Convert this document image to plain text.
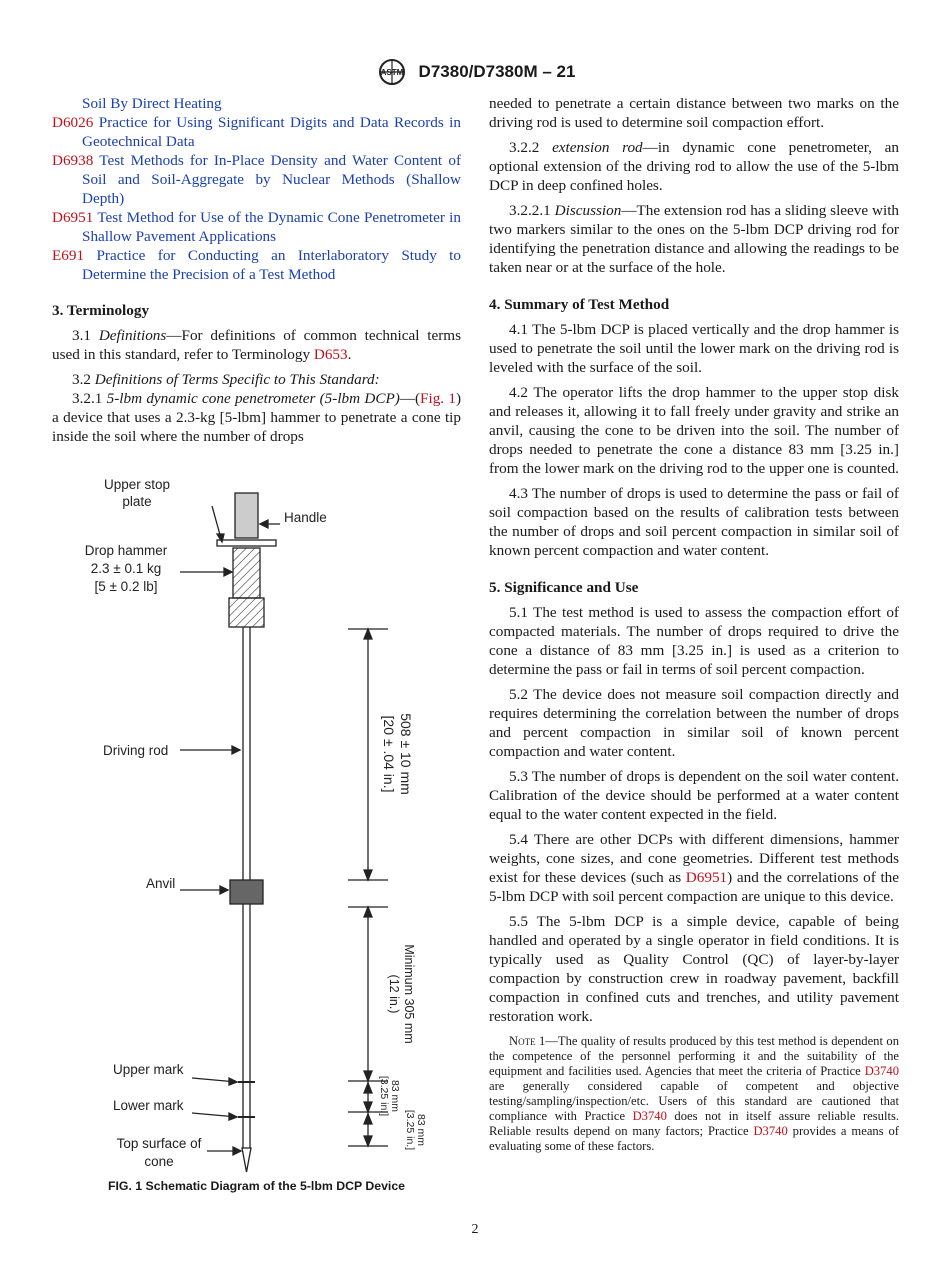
ASTM D7380/D7380M – 21

Soil By Direct Heating

D6026 Practice for Using Significant Digits and Data Records in Geotechnical Data

D6938 Test Methods for In-Place Density and Water Content of Soil and Soil-Aggregate by Nuclear Methods (Shallow Depth)

D6951 Test Method for Use of the Dynamic Cone Penetrometer in Shallow Pavement Applications

E691 Practice for Conducting an Interlaboratory Study to Determine the Precision of a Test Method

3. Terminology

3.1 Definitions—For definitions of common technical terms used in this standard, refer to Terminology D653.

3.2 Definitions of Terms Specific to This Standard:

3.2.1 5-lbm dynamic cone penetrometer (5-lbm DCP)—(Fig. 1) a device that uses a 2.3-kg [5-lbm] hammer to penetrate a cone tip inside the soil where the number of drops

Upper stop
plate
Handle
Drop hammer
2.3 ± 0.1 kg
[5 ± 0.2 lb]
Driving rod
Anvil
Upper mark
Lower mark
Top surface of
cone
508 ± 10 mm
[20 ± .04 in.]
Minimum 305 mm
(12 in.)
83 mm
[3.25 in.]
83 mm
[3.25 in.]
FIG. 1 Schematic Diagram of the 5-lbm DCP Device

needed to penetrate a certain distance between two marks on the driving rod is used to determine soil compaction effort.

3.2.2 extension rod—in dynamic cone penetrometer, an optional extension of the driving rod to allow the use of the 5-lbm DCP in deep confined holes.

3.2.2.1 Discussion—The extension rod has a sliding sleeve with two markers similar to the ones on the 5-lbm DCP driving rod for identifying the penetration distance and allowing the readings to be taken near or at the surface of the hole.

4. Summary of Test Method

4.1 The 5-lbm DCP is placed vertically and the drop hammer is used to penetrate the soil until the lower mark on the driving rod is leveled with the surface of the soil.

4.2 The operator lifts the drop hammer to the upper stop disk and releases it, allowing it to fall freely under gravity and strike an anvil, causing the cone to be driven into the soil. The number of drops needed to penetrate the cone a distance 83 mm [3.25 in.] from the lower mark on the driving rod to the upper one is counted.

4.3 The number of drops is used to determine the pass or fail of soil compaction based on the results of calibration tests between the number of drops and soil percent compaction in similar soil of known percent compaction and water content.

5. Significance and Use

5.1 The test method is used to assess the compaction effort of compacted materials. The number of drops required to drive the cone a distance of 83 mm [3.25 in.] is used as a criterion to determine the pass or fail in terms of soil percent compaction.

5.2 The device does not measure soil compaction directly and requires determining the correlation between the number of drops and percent compaction in similar soil of known percent compaction and water content.

5.3 The number of drops is dependent on the soil water content. Calibration of the device should be performed at a water content equal to the water content expected in the field.

5.4 There are other DCPs with different dimensions, hammer weights, cone sizes, and cone geometries. Different test methods exist for these devices (such as D6951) and the correlations of the 5-lbm DCP with soil percent compaction are unique to this device.

5.5 The 5-lbm DCP is a simple device, capable of being handled and operated by a single operator in field conditions. It is typically used as Quality Control (QC) of layer-by-layer compaction by construction crew in roadway pavement, backfill compaction in confined cuts and trenches, and utility pavement restoration work.

Note 1—The quality of results produced by this test method is dependent on the competence of the personnel performing it and the suitability of the equipment and facilities used. Agencies that meet the criteria of Practice D3740 are generally considered capable of competent and objective testing/sampling/inspection/etc. Users of this standard are cautioned that compliance with Practice D3740 does not in itself assure reliable results. Reliable results depend on many factors; Practice D3740 provides a means of evaluating some of these factors.

2
